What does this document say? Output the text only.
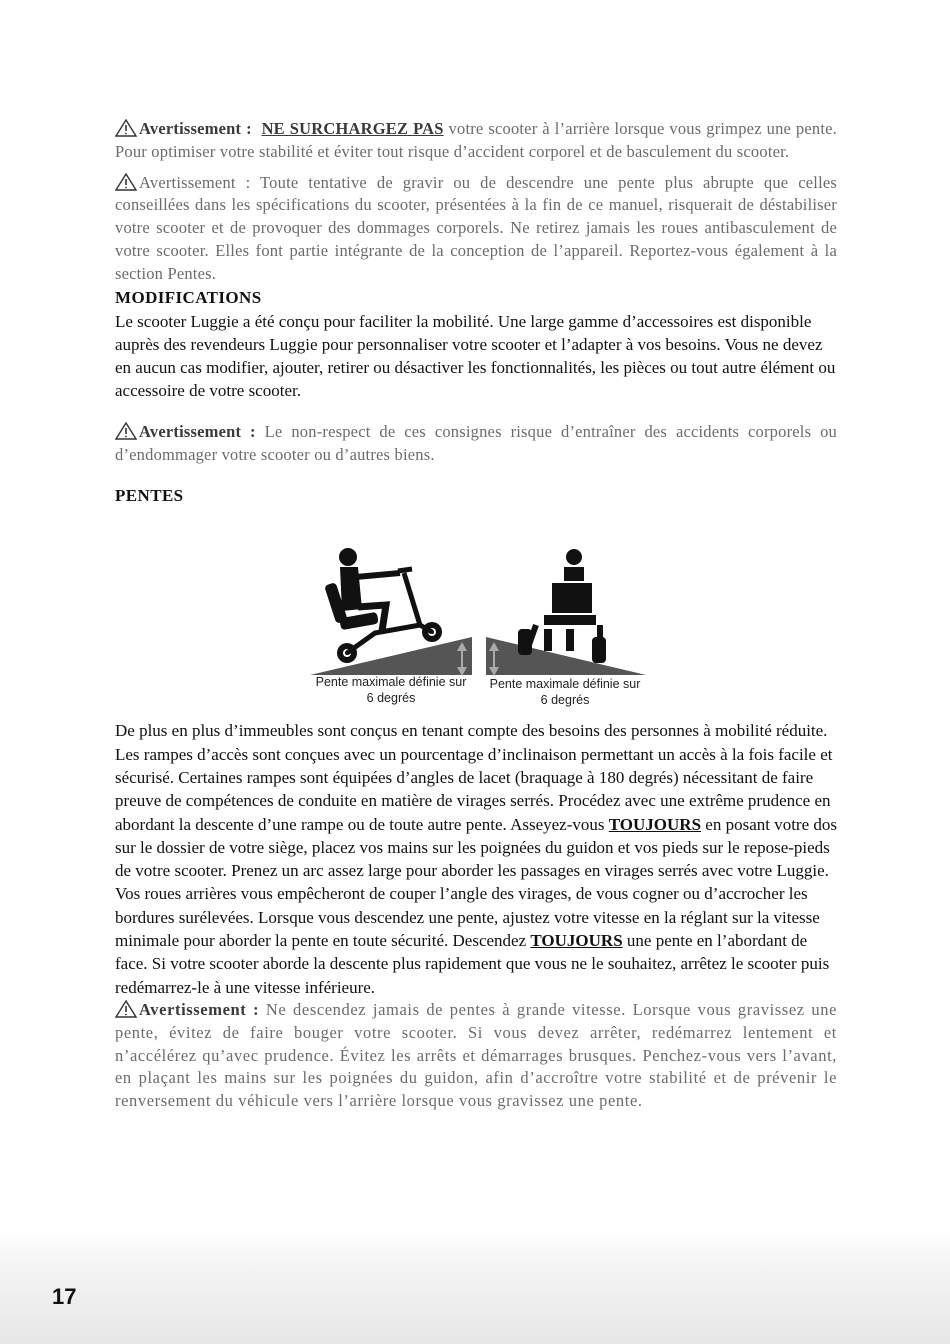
Avertissement : NE SURCHARGEZ PAS votre scooter à l’arrière lorsque vous grimpez une pente. Pour optimiser votre stabilité et éviter tout risque d’accident corporel et de basculement du scooter.

Avertissement : Toute tentative de gravir ou de descendre une pente plus abrupte que celles conseillées dans les spécifications du scooter, présentées à la fin de ce manuel, risquerait de déstabiliser votre scooter et de provoquer des dommages corporels. Ne retirez jamais les roues antibasculement de votre scooter. Elles font partie intégrante de la conception de l’appareil. Reportez-vous également à la section Pentes.

MODIFICATIONS

Le scooter Luggie a été conçu pour faciliter la mobilité. Une large gamme d’accessoires est disponible auprès des revendeurs Luggie pour personnaliser votre scooter et l’adapter à vos besoins. Vous ne devez en aucun cas modifier, ajouter, retirer ou désactiver les fonctionnalités, les pièces ou tout autre élément ou accessoire de votre scooter.

Avertissement : Le non-respect de ces consignes risque d’entraîner des accidents corporels ou d’endommager votre scooter ou d’autres biens.

PENTES

De plus en plus d’immeubles sont conçus en tenant compte des besoins des personnes à mobilité réduite. Les rampes d’accès sont conçues avec un pourcentage d’inclinaison permettant un accès à la fois facile et sécurisé. Certaines rampes sont équipées d’angles de lacet (braquage à 180 degrés) nécessitant de faire preuve de compétences de conduite en matière de virages serrés. Procédez avec une extrême prudence en abordant la descente d’une rampe ou de toute autre pente. Asseyez-vous TOUJOURS en posant votre dos sur le dossier de votre siège, placez vos mains sur les poignées du guidon et vos pieds sur le repose-pieds de votre scooter. Prenez un arc assez large pour aborder les passages en virages serrés avec votre Luggie. Vos roues arrières vous empêcheront de couper l’angle des virages, de vous cogner ou d’accrocher les bordures surélevées. Lorsque vous descendez une pente, ajustez votre vitesse en la réglant sur la vitesse minimale pour aborder la pente en toute sécurité. Descendez TOUJOURS une pente en l’abordant de face. Si votre scooter aborde la descente plus rapidement que vous ne le souhaitez, arrêtez le scooter puis redémarrez-le à une vitesse inférieure.

Avertissement : Ne descendez jamais de pentes à grande vitesse. Lorsque vous gravissez une pente, évitez de faire bouger votre scooter. Si vous devez arrêter, redémarrez lentement et n’accélérez qu’avec prudence. Évitez les arrêts et démarrages brusques. Penchez-vous vers l’avant, en plaçant les mains sur les poignées du guidon, afin d’accroître votre stabilité et de prévenir le renversement du véhicule vers l’arrière lorsque vous gravissez une pente.

Pente maximale définie sur
6 degrés
Pente maximale définie sur
6 degrés
17
